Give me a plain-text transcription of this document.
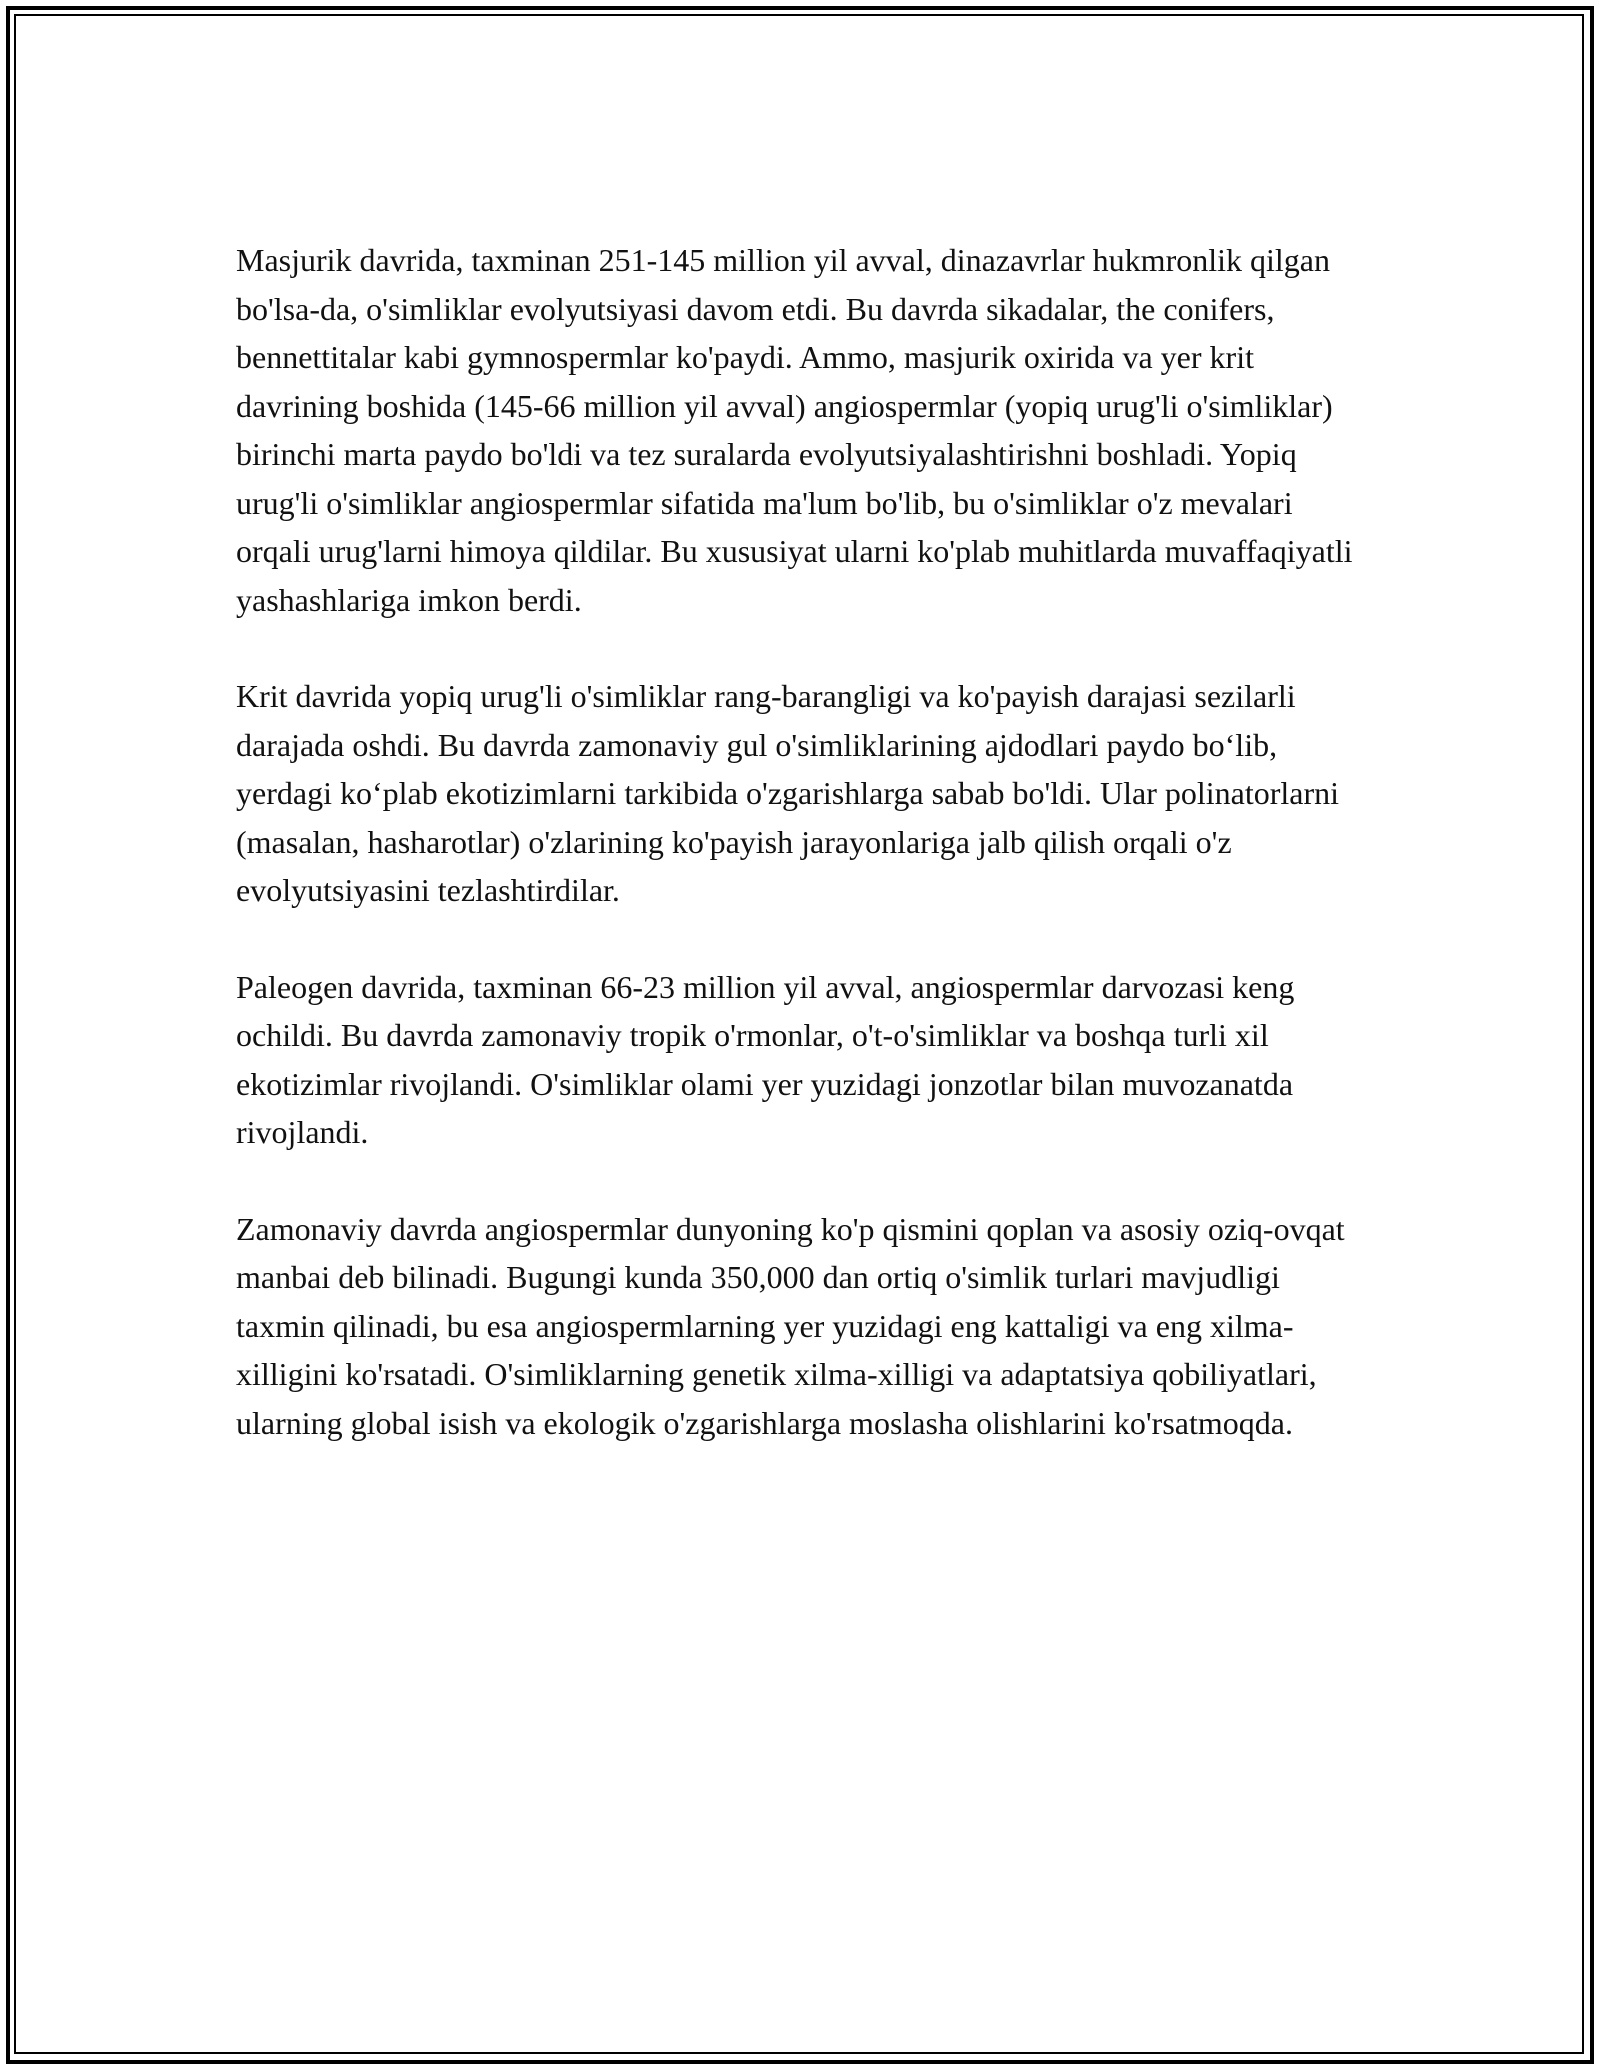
Masjurik davrida, taxminan 251-145 million yil avval, dinazavrlar hukmronlik qilgan bo'lsa-da, o'simliklar evolyutsiyasi davom etdi. Bu davrda sikadalar, the conifers, bennettitalar kabi gymnospermlar ko'paydi. Ammo, masjurik oxirida va yer krit davrining boshida (145-66 million yil avval) angiospermlar (yopiq urug'li o'simliklar) birinchi marta paydo bo'ldi va tez suralarda evolyutsiyalashtirishni boshladi. Yopiq urug'li o'simliklar angiospermlar sifatida ma'lum bo'lib, bu o'simliklar o'z mevalari orqali urug'larni himoya qildilar. Bu xususiyat ularni ko'plab muhitlarda muvaffaqiyatli yashashlariga imkon berdi.

Krit davrida yopiq urug'li o'simliklar rang-barangligi va ko'payish darajasi sezilarli darajada oshdi. Bu davrda zamonaviy gul o'simliklarining ajdodlari paydo bo‘lib, yerdagi ko‘plab ekotizimlarni tarkibida o'zgarishlarga sabab bo'ldi. Ular polinatorlarni (masalan, hasharotlar) o'zlarining ko'payish jarayonlariga jalb qilish orqali o'z evolyutsiyasini tezlashtirdilar.

Paleogen davrida, taxminan 66-23 million yil avval, angiospermlar darvozasi keng ochildi. Bu davrda zamonaviy tropik o'rmonlar, o't-o'simliklar va boshqa turli xil ekotizimlar rivojlandi. O'simliklar olami yer yuzidagi jonzotlar bilan muvozanatda rivojlandi.

Zamonaviy davrda angiospermlar dunyoning ko'p qismini qoplan va asosiy oziq-ovqat manbai deb bilinadi. Bugungi kunda 350,000 dan ortiq o'simlik turlari mavjudligi taxmin qilinadi, bu esa angiospermlarning yer yuzidagi eng kattaligi va eng xilma-xilligini ko'rsatadi. O'simliklarning genetik xilma-xilligi va adaptatsiya qobiliyatlari, ularning global isish va ekologik o'zgarishlarga moslasha olishlarini ko'rsatmoqda.
